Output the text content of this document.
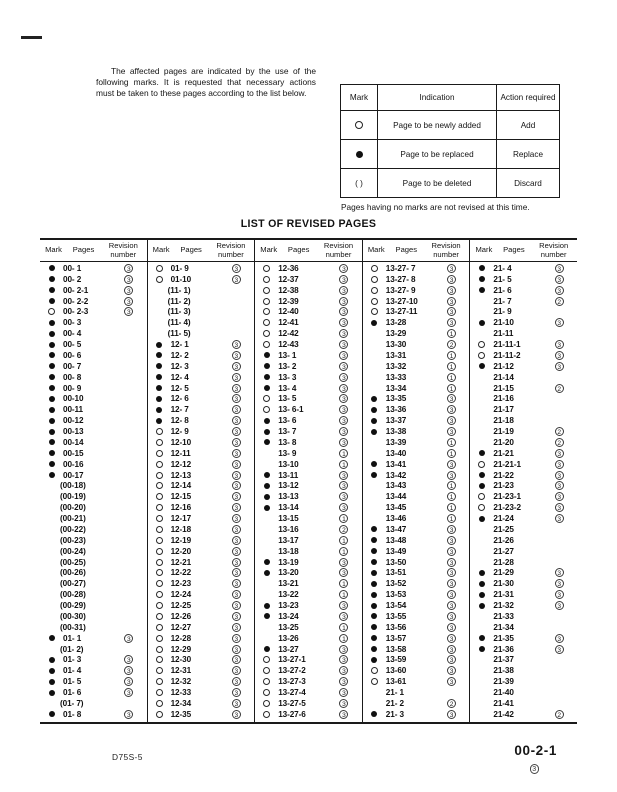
The affected pages are indicated by the use of the following marks. It is requested that necessary actions must be taken to these pages according to the list below.	Mark	Indication	Action required
	Page to be newly added	Add
	Page to be replaced	Replace
( )	Page to be deleted	Discard
Pages having no marks are not revised at this time.
LIST OF REVISED PAGES
Mark	Pages	Revision number
00- 1	3
00- 2	3
00- 2-1	3
00- 2-2	3
00- 2-3	3
00- 3
00- 4
00- 5
00- 6
00- 7
00- 8
00- 9
00-10
00-11
00-12
00-13
00-14
00-15
00-16
00-17
(00-18)
(00-19)
(00-20)
(00-21)
(00-22)
(00-23)
(00-24)
(00-25)
(00-26)
(00-27)
(00-28)
(00-29)
(00-30)
(00-31)
01- 1	3
(01- 2)
01- 3	3
01- 4	3
01- 5	3
01- 6	3
(01- 7)
01- 8	3
Mark	Pages	Revision number
01- 9	3
01-10	3
(11- 1)
(11- 2)
(11- 3)
(11- 4)
(11- 5)
12- 1	3
12- 2	3
12- 3	3
12- 4	3
12- 5	3
12- 6	3
12- 7	3
12- 8	3
12- 9	3
12-10	3
12-11	3
12-12	3
12-13	3
12-14	3
12-15	3
12-16	3
12-17	3
12-18	3
12-19	3
12-20	3
12-21	3
12-22	3
12-23	3
12-24	3
12-25	3
12-26	3
12-27	3
12-28	3
12-29	3
12-30	3
12-31	3
12-32	3
12-33	3
12-34	3
12-35	3
Mark	Pages	Revision number
12-36	3
12-37	3
12-38	3
12-39	3
12-40	3
12-41	3
12-42	3
12-43	3
13- 1	3
13- 2	3
13- 3	3
13- 4	3
13- 5	3
13- 6-1	3
13- 6	3
13- 7	3
13- 8	3
13- 9	1
13-10	1
13-11	3
13-12	3
13-13	3
13-14	3
13-15	1
13-16	2
13-17	1
13-18	1
13-19	3
13-20	3
13-21	1
13-22	1
13-23	3
13-24	3
13-25	1
13-26	1
13-27	3
13-27-1	3
13-27-2	3
13-27-3	3
13-27-4	3
13-27-5	3
13-27-6	3
Mark	Pages	Revision number
13-27- 7	3
13-27- 8	3
13-27- 9	3
13-27-10	3
13-27-11	3
13-28	3
13-29	1
13-30	2
13-31	1
13-32	1
13-33	1
13-34	1
13-35	3
13-36	3
13-37	3
13-38	3
13-39	1
13-40	1
13-41	3
13-42	3
13-43	1
13-44	1
13-45	1
13-46	1
13-47	3
13-48	3
13-49	3
13-50	3
13-51	3
13-52	3
13-53	3
13-54	3
13-55	3
13-56	3
13-57	3
13-58	3
13-59	3
13-60	3
13-61	3
21- 1
21- 2	2
21- 3	3
Mark	Pages	Revision number
21- 4	3
21- 5	3
21- 6	3
21- 7	2
21- 9
21-10	3
21-11
21-11-1	3
21-11-2	3
21-12	3
21-14
21-15	2
21-16
21-17
21-18
21-19	2
21-20	2
21-21	3
21-21-1	3
21-22	3
21-23	3
21-23-1	3
21-23-2	3
21-24	3
21-25
21-26
21-27
21-28
21-29	3
21-30	3
21-31	3
21-32	3
21-33
21-34
21-35	3
21-36	3
21-37
21-38
21-39
21-40
21-41
21-42	2
D75S-5	00-2-1
3
